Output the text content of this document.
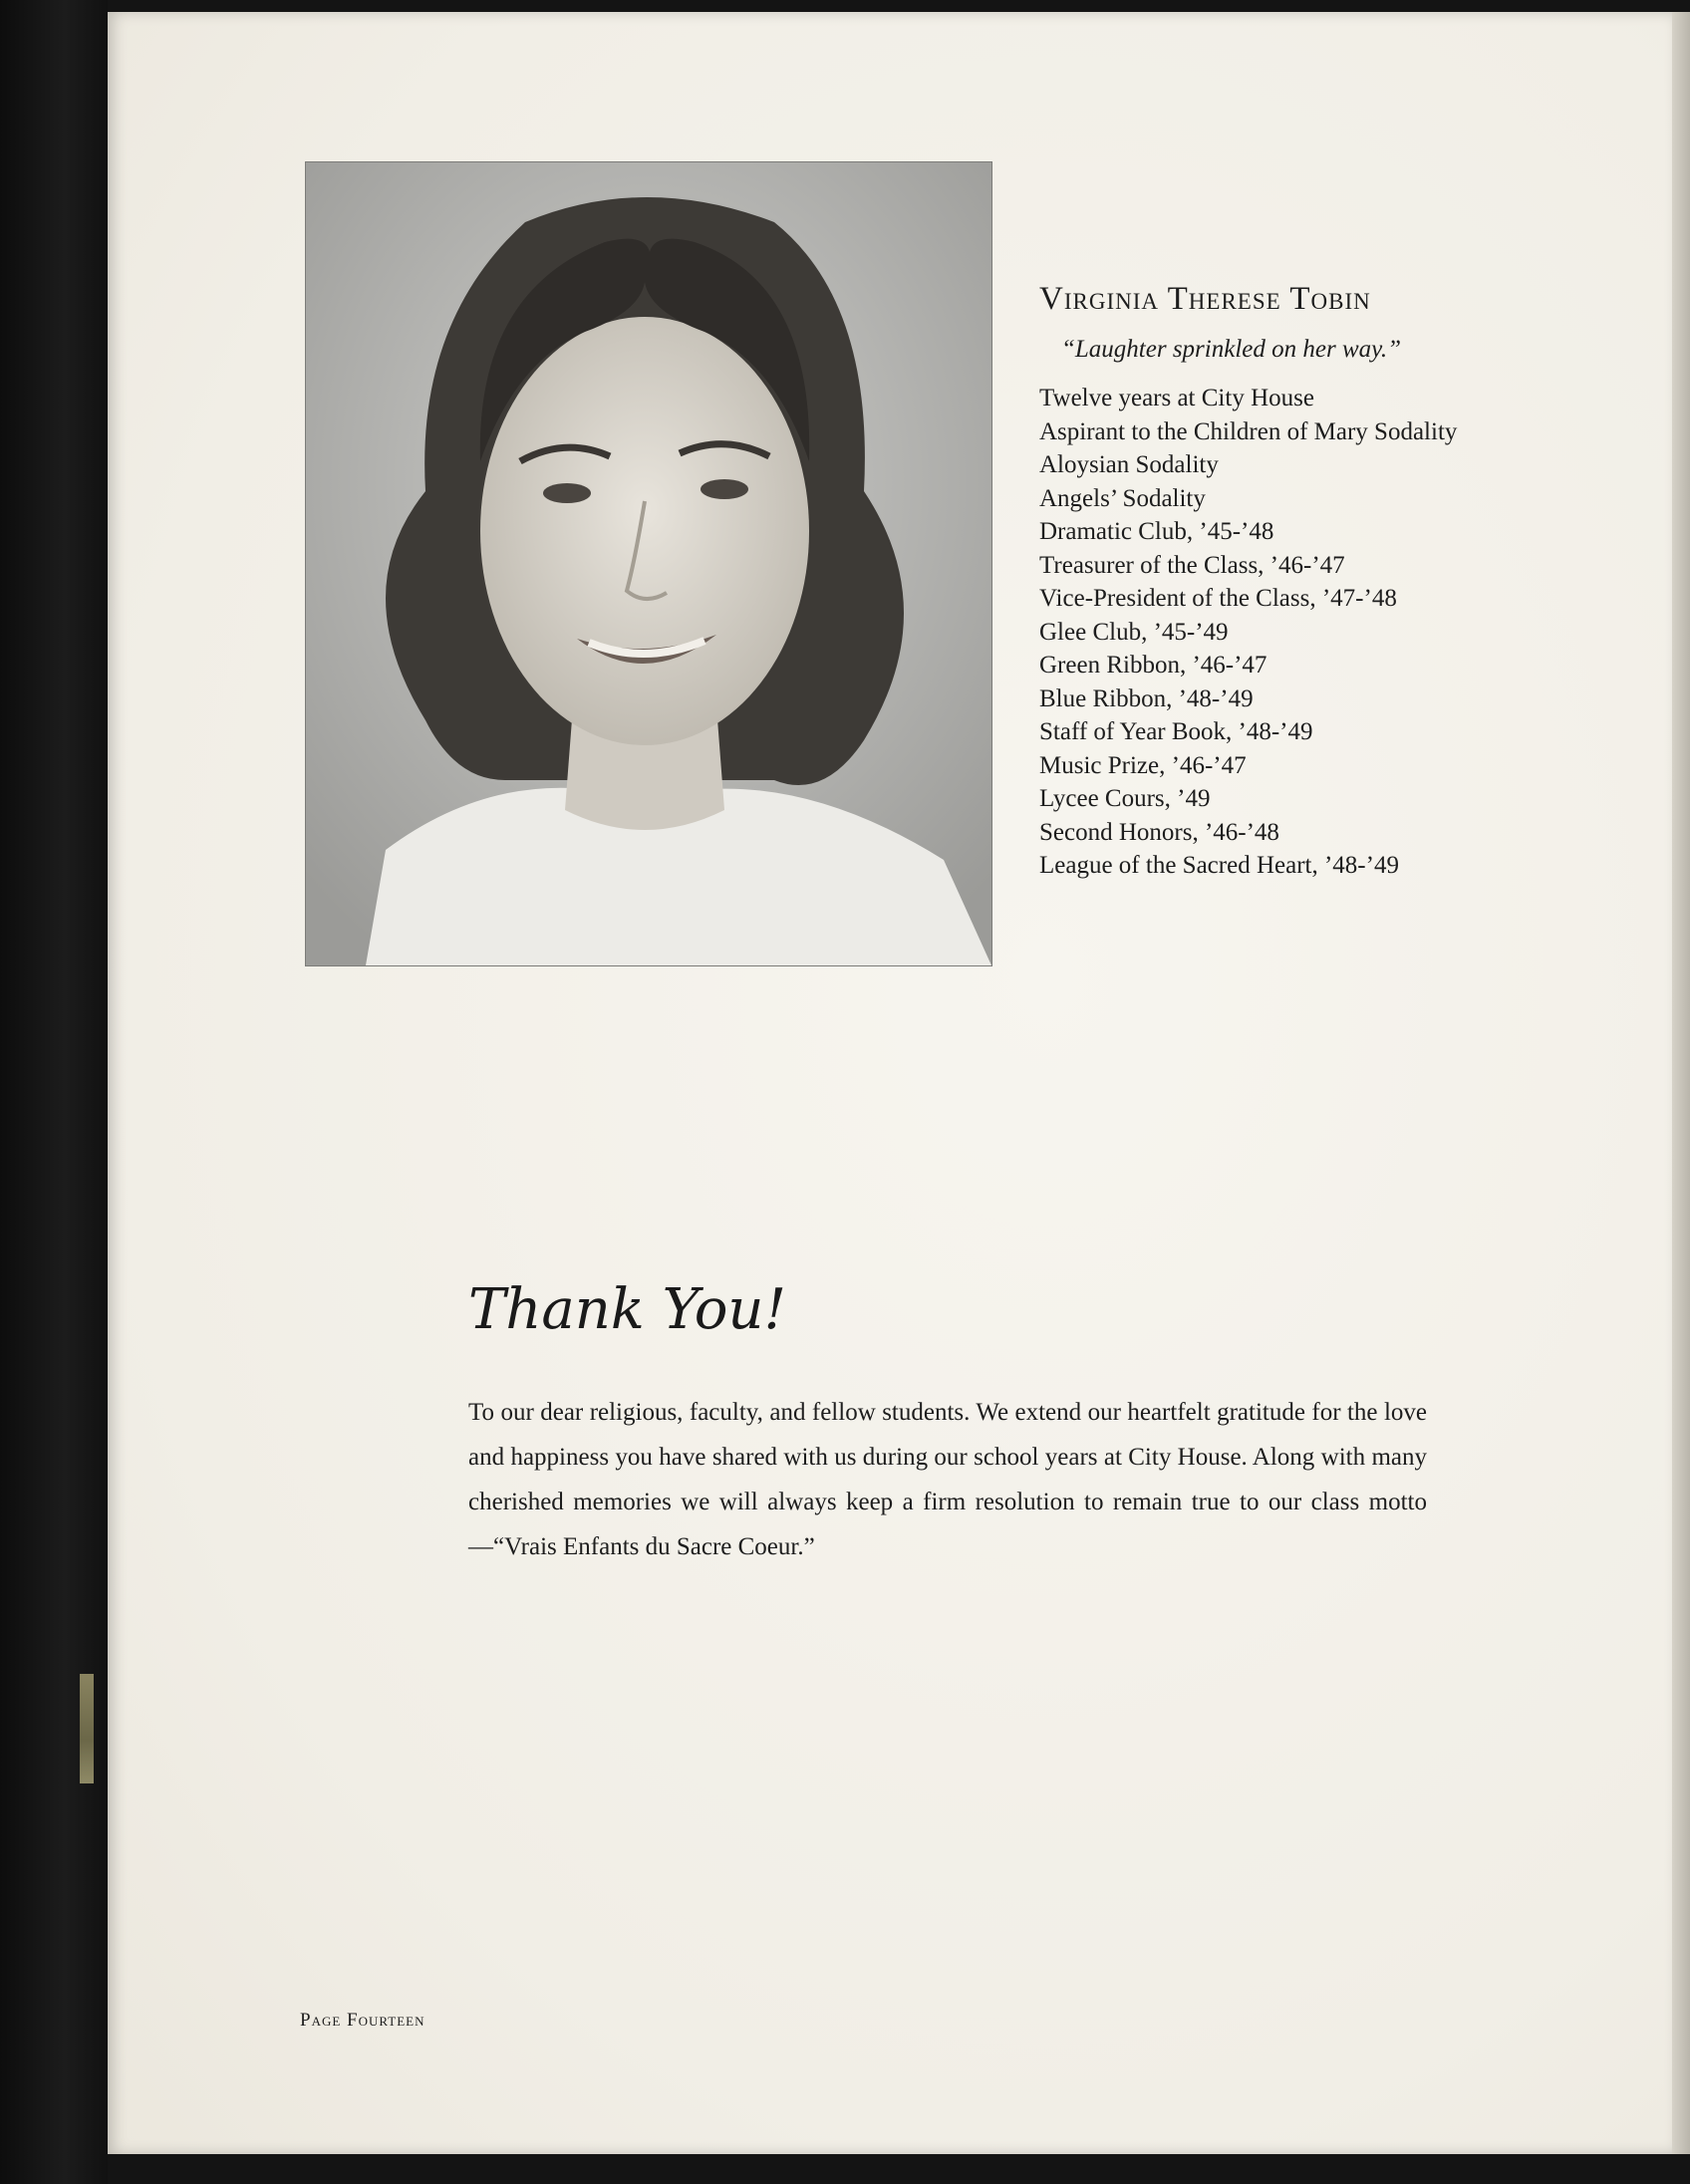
Virginia Therese Tobin

“Laughter sprinkled on her way.”

Twelve years at City House
Aspirant to the Children of Mary Sodality
Aloysian Sodality
Angels’ Sodality
Dramatic Club, ’45-’48
Treasurer of the Class, ’46-’47
Vice-President of the Class, ’47-’48
Glee Club, ’45-’49
Green Ribbon, ’46-’47
Blue Ribbon, ’48-’49
Staff of Year Book, ’48-’49
Music Prize, ’46-’47
Lycee Cours, ’49
Second Honors, ’46-’48
League of the Sacred Heart, ’48-’49
Thank You!

To our dear religious, faculty, and fellow students. We extend our heartfelt gratitude for the love and happiness you have shared with us during our school years at City House. Along with many cherished memories we will always keep a firm resolution to remain true to our class motto—“Vrais Enfants du Sacre Coeur.”

Page Fourteen
